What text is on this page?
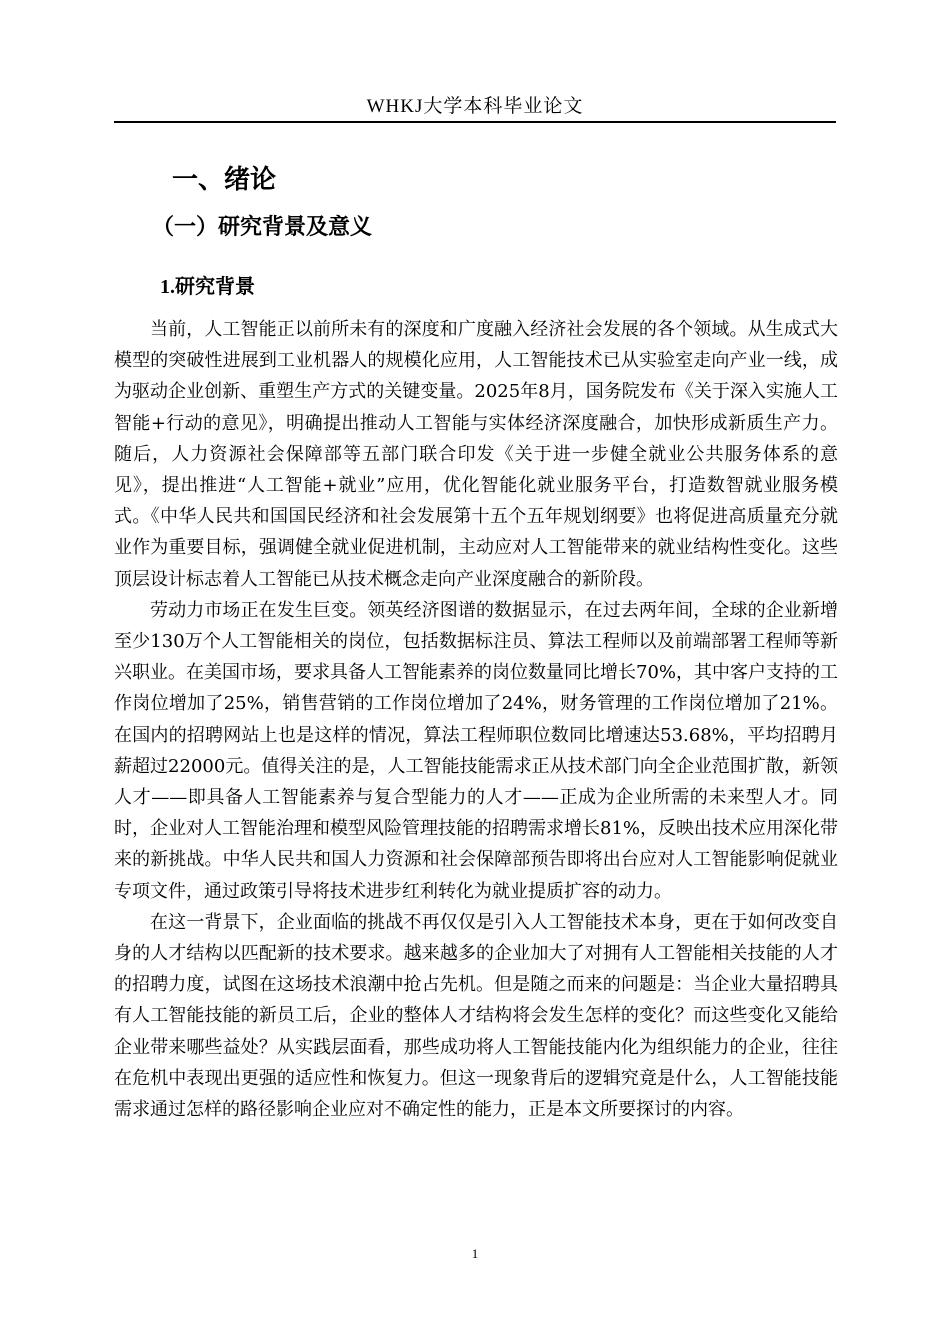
WHKJ大学本科毕业论文
一、绪论
（一）研究背景及意义
1.研究背景

当前，人工智能正以前所未有的深度和广度融入经济社会发展的各个领域。从生成式大模型的突破性进展到工业机器人的规模化应用，人工智能技术已从实验室走向产业一线，成为驱动企业创新、重塑生产方式的关键变量。2025年8月，国务院发布《关于深入实施人工智能+行动的意见》，明确提出推动人工智能与实体经济深度融合，加快形成新质生产力。随后，人力资源社会保障部等五部门联合印发《关于进一步健全就业公共服务体系的意见》，提出推进“人工智能+就业”应用，优化智能化就业服务平台，打造数智就业服务模式。《中华人民共和国国民经济和社会发展第十五个五年规划纲要》也将促进高质量充分就业作为重要目标，强调健全就业促进机制，主动应对人工智能带来的就业结构性变化。这些顶层设计标志着人工智能已从技术概念走向产业深度融合的新阶段。

劳动力市场正在发生巨变。领英经济图谱的数据显示，在过去两年间，全球的企业新增至少130万个人工智能相关的岗位，包括数据标注员、算法工程师以及前端部署工程师等新兴职业。在美国市场，要求具备人工智能素养的岗位数量同比增长70%，其中客户支持的工作岗位增加了25%，销售营销的工作岗位增加了24%，财务管理的工作岗位增加了21%。在国内的招聘网站上也是这样的情况，算法工程师职位数同比增速达53.68%，平均招聘月薪超过22000元。值得关注的是，人工智能技能需求正从技术部门向全企业范围扩散，新领人才——即具备人工智能素养与复合型能力的人才——正成为企业所需的未来型人才。同时，企业对人工智能治理和模型风险管理技能的招聘需求增长81%，反映出技术应用深化带来的新挑战。中华人民共和国人力资源和社会保障部预告即将出台应对人工智能影响促就业专项文件，通过政策引导将技术进步红利转化为就业提质扩容的动力。

在这一背景下，企业面临的挑战不再仅仅是引入人工智能技术本身，更在于如何改变自身的人才结构以匹配新的技术要求。越来越多的企业加大了对拥有人工智能相关技能的人才的招聘力度，试图在这场技术浪潮中抢占先机。但是随之而来的问题是：当企业大量招聘具有人工智能技能的新员工后，企业的整体人才结构将会发生怎样的变化？而这些变化又能给企业带来哪些益处？从实践层面看，那些成功将人工智能技能内化为组织能力的企业，往往在危机中表现出更强的适应性和恢复力。但这一现象背后的逻辑究竟是什么，人工智能技能需求通过怎样的路径影响企业应对不确定性的能力，正是本文所要探讨的内容。

1
